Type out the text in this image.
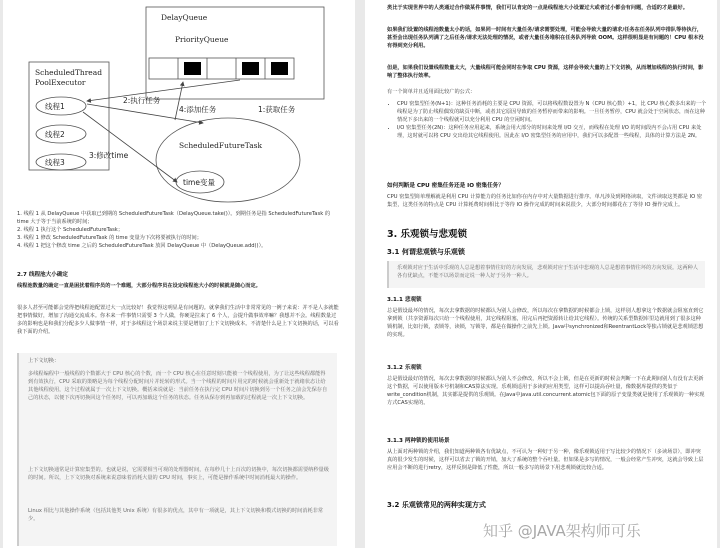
DelayQueue
PriorityQueue
ScheduledThread PoolExecutor
线程1
线程2
线程3
ScheduledFutureTask
time变量
2:执行任务
4:添加任务	1:获取任务
3:修改time
1. 线程 1 从 DelayQueue 中获取已到期的 ScheduledFutureTask（DelayQueue.take()）。到期任务是指 ScheduledFutureTask 的 time 大于等于当前系统的时间；
2. 线程 1 执行这个 ScheduledFutureTask；
3. 线程 1 修改 ScheduledFutureTask 的 time 变量为下次将要被执行的时间；
4. 线程 1 把这个修改 time 之后的 ScheduledFutureTask 放回 DelayQueue 中（DelayQueue.add()）。
2.7 线程池大小确定
线程池数量的确定一直是困扰着程序员的一个难题，大部分程序员在设定线程池大小的时候就是随心而定。
很多人甚至可能都会觉得把线程池配置过大一点比较好！我觉得这明显是有问题的。就拿我们生活中非常常见的一例子来说：并不是人多就能把事情做好，增加了沟通交流成本。你本来一件事情只需要 3 个人做，你硬是拉来了 6 个人，会提升做事效率嘛？我想并不会。线程数量过多的影响也是和我们分配多少人做事情一样，对于多线程这个场景来说主要是增加了上下文切换成本。不清楚什么是上下文切换的话，可以看我下面的介绍。
上下文切换：
多线程编程中一般线程的个数都大于 CPU 核心的个数，而一个 CPU 核心在任意时刻只能被一个线程使用，为了让这些线程都能得到有效执行，CPU 采取的策略是为每个线程分配时间片并轮转的形式。当一个线程的时间片用完的时候就会重新处于就绪状态让给其他线程使用，这个过程就属于一次上下文切换。概括来说就是：当前任务在执行完 CPU 时间片切换到另一个任务之前会先保存自己的状态，以便下次再切换回这个任务时，可以再加载这个任务的状态。任务从保存到再加载的过程就是一次上下文切换。
上下文切换通常是计算密集型的。也就是说，它需要相当可观的处理器时间，在每秒几十上百次的切换中，每次切换都需要纳秒量级的时间。所以，上下文切换对系统来说意味着消耗大量的 CPU 时间，事实上，可能是操作系统中时间消耗最大的操作。
Linux 相比与其他操作系统（包括其他类 Unix 系统）有很多的优点，其中有一项就是，其上下文切换和模式切换的时间消耗非常少。
类比于实现世界中的人类通过合作做某件事情，我们可以肯定的一点是线程池大小设置过大或者过小都会有问题，合适的才是最好。
如果我们设置的线程池数量太小的话，如果同一时间有大量任务/请求需要处理，可能会导致大量的请求/任务在任务队列中排队等待执行，甚至会出现任务队列满了之后任务/请求无法处理的情况，或者大量任务堆积在任务队列导致 OOM。这样很明显是有问题的！CPU 根本没有得到充分利用。
但是，如果我们设置线程数量太大，大量线程可能会同时在争取 CPU 资源，这样会导致大量的上下文切换，从而增加线程的执行时间，影响了整体执行效率。
有一个简单并且适用面比较广的公式：
• CPU 密集型任务(N+1)：这种任务消耗的主要是 CPU 资源，可以将线程数设置为 N（CPU 核心数）+1，比 CPU 核心数多出来的一个线程是为了防止线程偶发的缺页中断，或者其它原因导致的任务暂停而带来的影响。一旦任务暂停，CPU 就会处于空闲状态，而在这种情况下多出来的一个线程就可以充分利用 CPU 的空闲时间。
• I/O 密集型任务(2N)：这种任务应用起来，系统会用大部分的时间来处理 I/O 交互，而线程在处理 I/O 的时间段内不会占用 CPU 来处理，这时就可以将 CPU 交出给其它线程使用。因此在 I/O 密集型任务的应用中，我们可以多配置一些线程，具体的计算方法是 2N。
如何判断是 CPU 密集任务还是 IO 密集任务？
CPU 密集型简单理解就是利用 CPU 计算能力的任务比如你在内存中对大量数据进行排序。单凡涉及到网络读取，文件读取这类都是 IO 密集型，这类任务的特点是 CPU 计算耗费时间相比于等待 IO 操作完成的时间来说很少，大部分时间都花在了等待 IO 操作完成上。
3. 乐观锁与悲观锁
3.1 何谓悲观锁与乐观锁
乐观锁对应于生活中乐观的人总是想着事情往好的方向发展，悲观锁对应于生活中悲观的人总是想着事情往坏的方向发展。这两种人各有优缺点，不能不以场景而定说一种人好于另外一种人。
3.1.1 悲观锁
总是假设最坏的情况，每次去拿数据的时候都认为别人会修改，所以每次在拿数据的时候都会上锁，这样别人想拿这个数据就会阻塞直到它拿到锁（共享资源每次只给一个线程使用，其它线程阻塞，用完后再把资源转让给其它线程）。传统的关系型数据库里边就用到了很多这种锁机制，比如行锁，表锁等，读锁，写锁等，都是在做操作之前先上锁。Java中synchronized和ReentrantLock等独占锁就是悲观锁思想的实现。
3.1.2 乐观锁
总是假设最好的情况，每次去拿数据的时候都认为别人不会修改，所以不会上锁，但是在更新的时候会判断一下在此期间别人有没有去更新这个数据，可以使用版本号机制和CAS算法实现。乐观锁适用于多读的应用类型，这样可以提高吞吐量，像数据库提供的类似于write_condition机制，其实都是提供的乐观锁。在Java中java.util.concurrent.atomic包下面的原子变量类就是使用了乐观锁的一种实现方式CAS实现的。
3.1.3 两种锁的使用场景
从上面对两种锁的介绍，我们知道两种锁各有优缺点，不可认为一种好于另一种，像乐观锁适用于写比较少的情况下（多读场景），即冲突真的很少发生的时候，这样可以省去了锁的开销，加大了系统的整个吞吐量。但如果是多写的情况，一般会经常产生冲突，这就会导致上层应用会不断的进行retry，这样反倒是降低了性能，所以一般多写的场景下用悲观锁就比较合适。
3.2 乐观锁常见的两种实现方式
知乎 @JAVA架构师可乐
